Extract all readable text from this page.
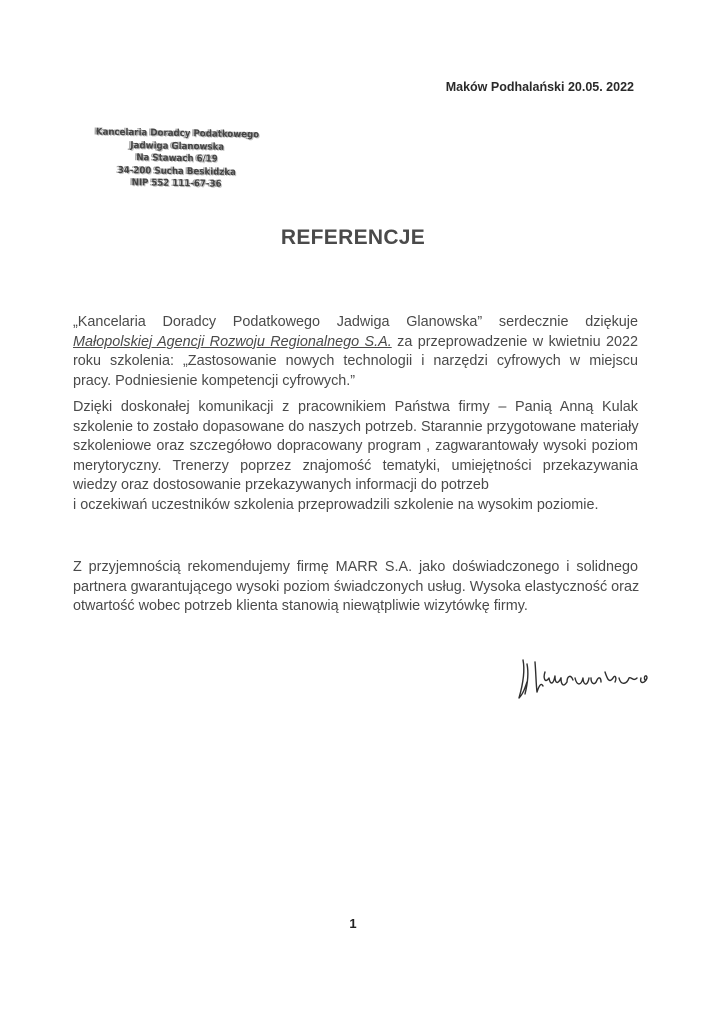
Maków Podhalański 20.05. 2022
Kancelaria Doradcy Podatkowego
Jadwiga Glanowska
Na Stawach 6/19
34-200 Sucha Beskidzka
NIP 552 111-67-36
REFERENCJE
„Kancelaria Doradcy Podatkowego Jadwiga Glanowska” serdecznie dziękuje
Małopolskiej Agencji Rozwoju Regionalnego S.A. za przeprowadzenie w kwietniu 2022
roku szkolenia: „Zastosowanie nowych technologii i narzędzi cyfrowych w miejscu
pracy. Podniesienie kompetencji cyfrowych.”
Dzięki doskonałej komunikacji z pracownikiem Państwa firmy – Panią Anną Kulak
szkolenie to zostało dopasowane do naszych potrzeb. Starannie przygotowane materiały
szkoleniowe oraz szczegółowo dopracowany program , zagwarantowały wysoki poziom
merytoryczny. Trenerzy poprzez znajomość tematyki, umiejętności przekazywania
wiedzy oraz dostosowanie przekazywanych informacji do potrzeb
i oczekiwań uczestników szkolenia przeprowadzili szkolenie na wysokim poziomie.
Z przyjemnością rekomendujemy firmę MARR S.A. jako doświadczonego i solidnego
partnera gwarantującego wysoki poziom świadczonych usług. Wysoka elastyczność oraz
otwartość wobec potrzeb klienta stanowią niewątpliwie wizytówkę firmy.
1
